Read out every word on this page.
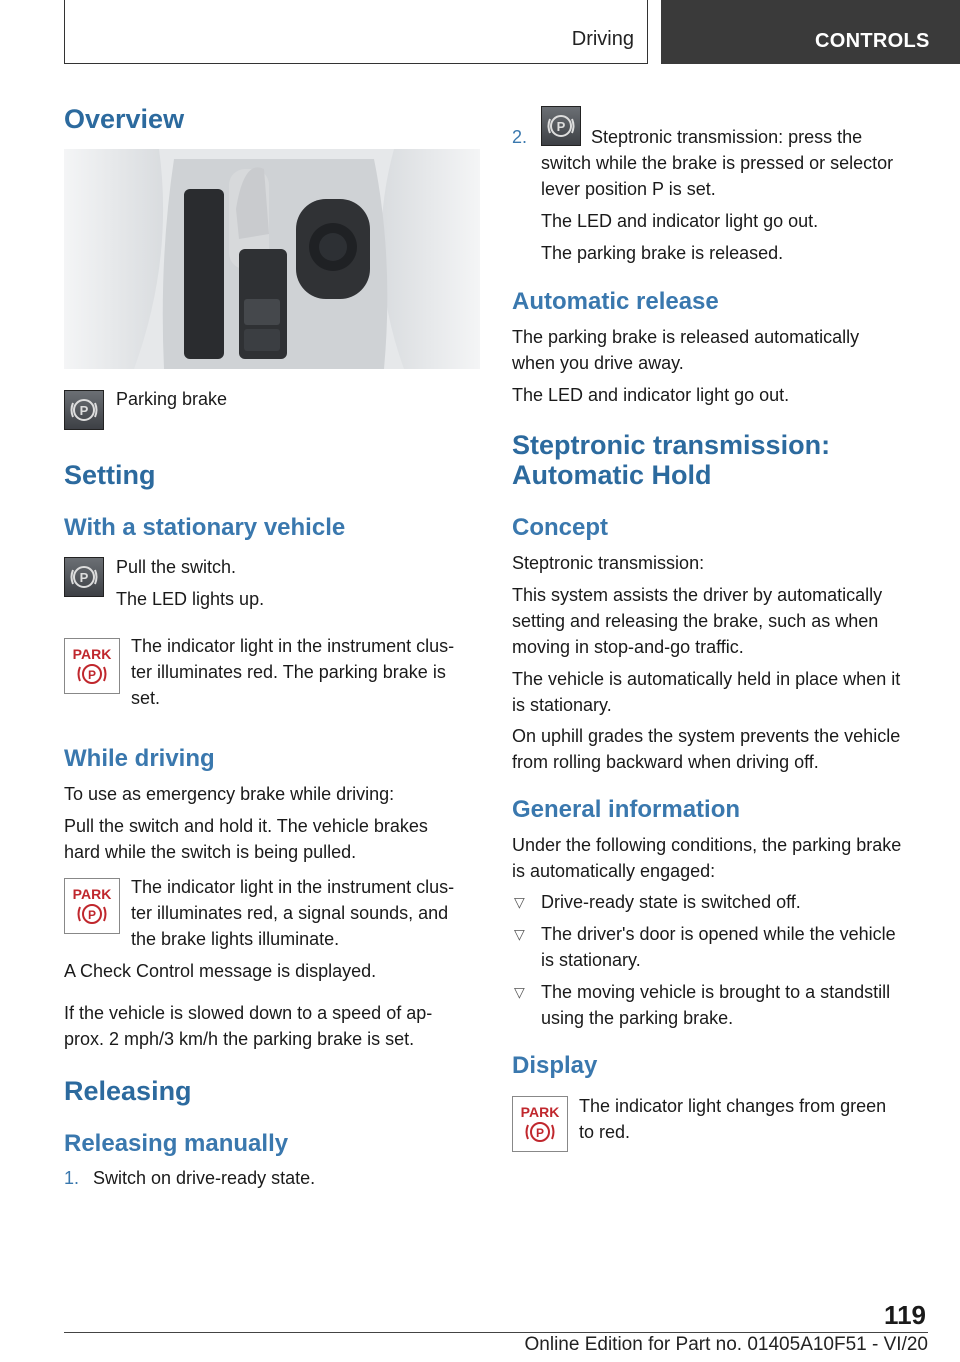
Driving	CONTROLS
Overview
P
Parking brake
Setting
With a stationary vehicle
P
Pull the switch.
The LED lights up.
PARK
P
The indicator light in the instrument clus‐
ter illuminates red. The parking brake is
set.
While driving
To use as emergency brake while driving:
Pull the switch and hold it. The vehicle brakes
hard while the switch is being pulled.
PARK
P
The indicator light in the instrument clus‐
ter illuminates red, a signal sounds, and
the brake lights illuminate.
A Check Control message is displayed.
If the vehicle is slowed down to a speed of ap‐
prox. 2 mph/3 km/h the parking brake is set.
Releasing
Releasing manually
1. Switch on drive-ready state.
2.
P
Steptronic transmission: press the
switch while the brake is pressed or selector
lever position P is set.
The LED and indicator light go out.
The parking brake is released.
Automatic release
The parking brake is released automatically
when you drive away.
The LED and indicator light go out.
Steptronic transmission:
Automatic Hold
Concept
Steptronic transmission:
This system assists the driver by automatically
setting and releasing the brake, such as when
moving in stop-and-go traffic.
The vehicle is automatically held in place when it
is stationary.
On uphill grades the system prevents the vehicle
from rolling backward when driving off.
General information
Under the following conditions, the parking brake
is automatically engaged:
▽ Drive-ready state is switched off.
▽ The driver's door is opened while the vehicle
is stationary.
▽ The moving vehicle is brought to a standstill
using the parking brake.
Display
PARK
P
The indicator light changes from green
to red.
119
Online Edition for Part no. 01405A10F51 - VI/20
